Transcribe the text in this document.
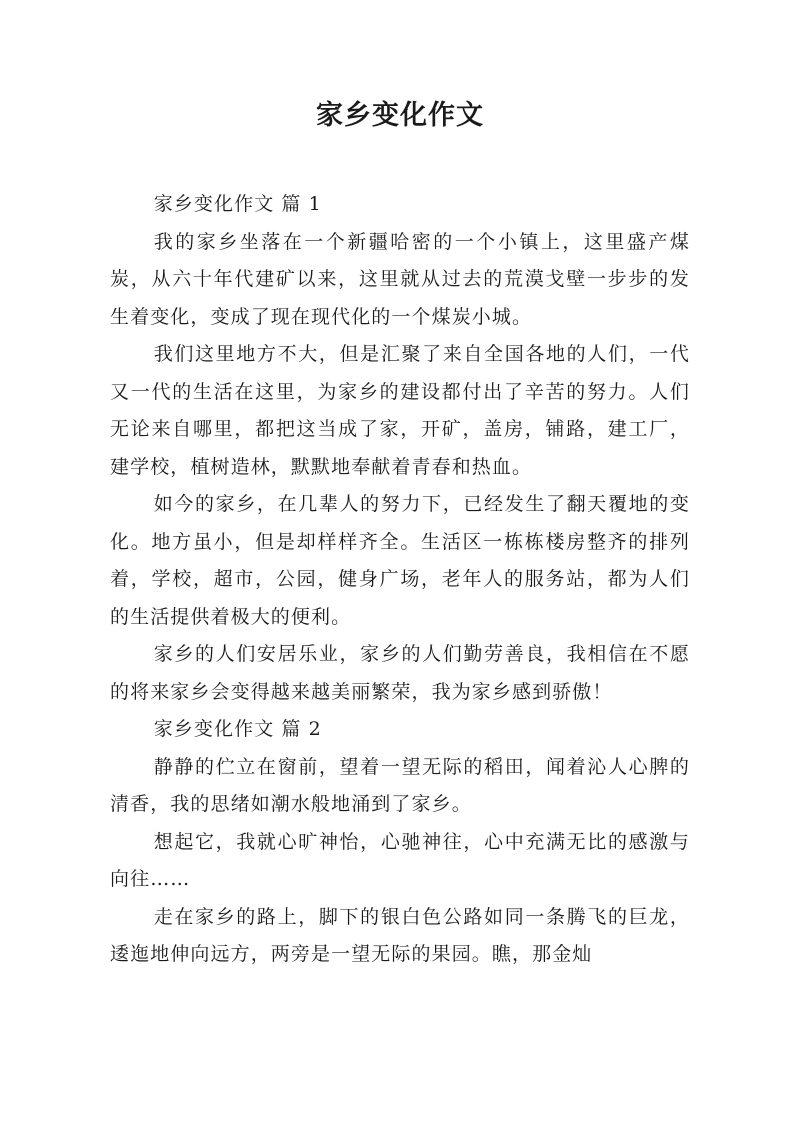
家乡变化作文

家乡变化作文 篇 1

我的家乡坐落在一个新疆哈密的一个小镇上，这里盛产煤炭，从六十年代建矿以来，这里就从过去的荒漠戈壁一步步的发生着变化，变成了现在现代化的一个煤炭小城。

我们这里地方不大，但是汇聚了来自全国各地的人们，一代又一代的生活在这里，为家乡的建设都付出了辛苦的努力。人们无论来自哪里，都把这当成了家，开矿，盖房，铺路，建工厂，建学校，植树造林，默默地奉献着青春和热血。

如今的家乡，在几辈人的努力下，已经发生了翻天覆地的变化。地方虽小，但是却样样齐全。生活区一栋栋楼房整齐的排列着，学校，超市，公园，健身广场，老年人的服务站，都为人们的生活提供着极大的便利。

家乡的人们安居乐业，家乡的人们勤劳善良，我相信在不愿的将来家乡会变得越来越美丽繁荣，我为家乡感到骄傲！

家乡变化作文 篇 2

静静的伫立在窗前，望着一望无际的稻田，闻着沁人心脾的清香，我的思绪如潮水般地涌到了家乡。

想起它，我就心旷神怡，心驰神往，心中充满无比的感激与向往……

走在家乡的路上，脚下的银白色公路如同一条腾飞的巨龙，逶迤地伸向远方，两旁是一望无际的果园。瞧，那金灿
